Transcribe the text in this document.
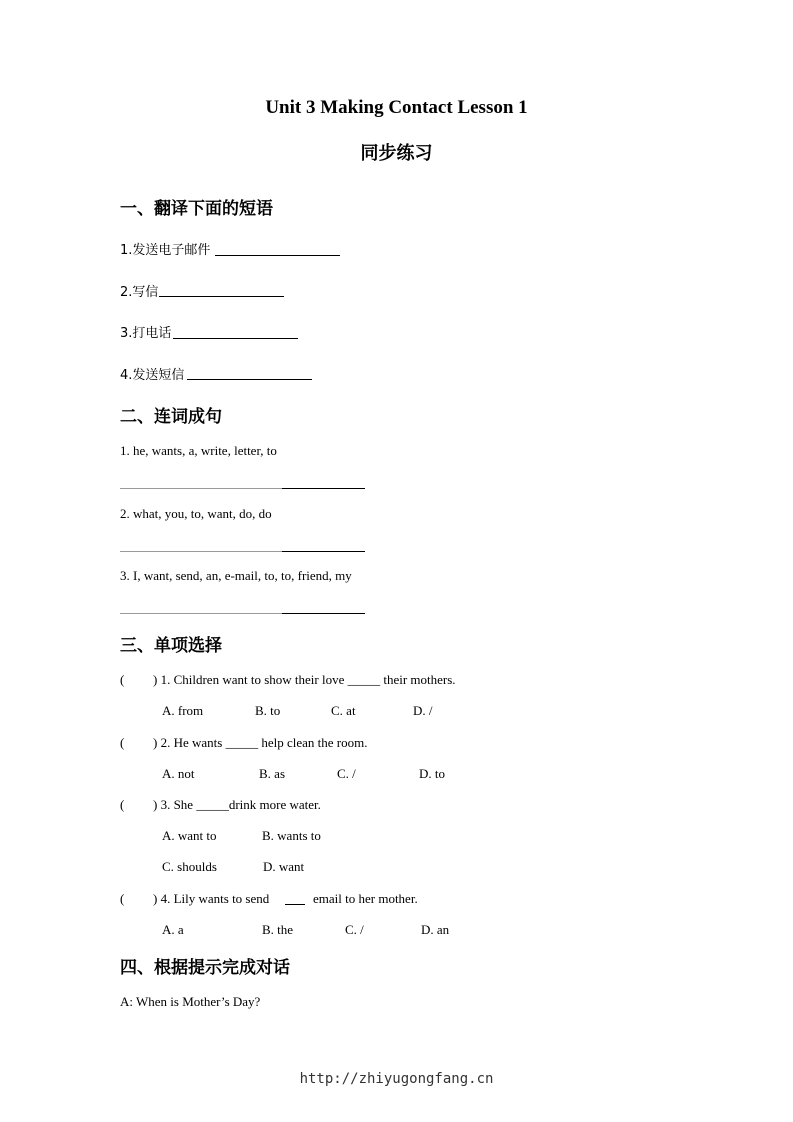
Unit 3 Making Contact Lesson 1
同步练习
一、翻译下面的短语
1.发送电子邮件
2.写信
3.打电话
4.发送短信
二、连词成句
1. he, wants, a, write, letter, to
2. what, you, to, want, do, do
3. I, want, send, an, e-mail, to, to, friend, my
三、单项选择
( ) 1. Children want to show their love _____ their mothers.
A. from	B. to	C. at	D. /
( ) 2. He wants _____ help clean the room.
A. not	B. as	C. /	D. to
( ) 3. She _____drink more water.
A. want to	B. wants to
C. shoulds	D. want
( ) 4. Lily wants to send	email to her mother.
A. a	B. the	C. /	D. an
四、根据提示完成对话
A: When is Mother’s Day?
http://zhiyugongfang.cn
